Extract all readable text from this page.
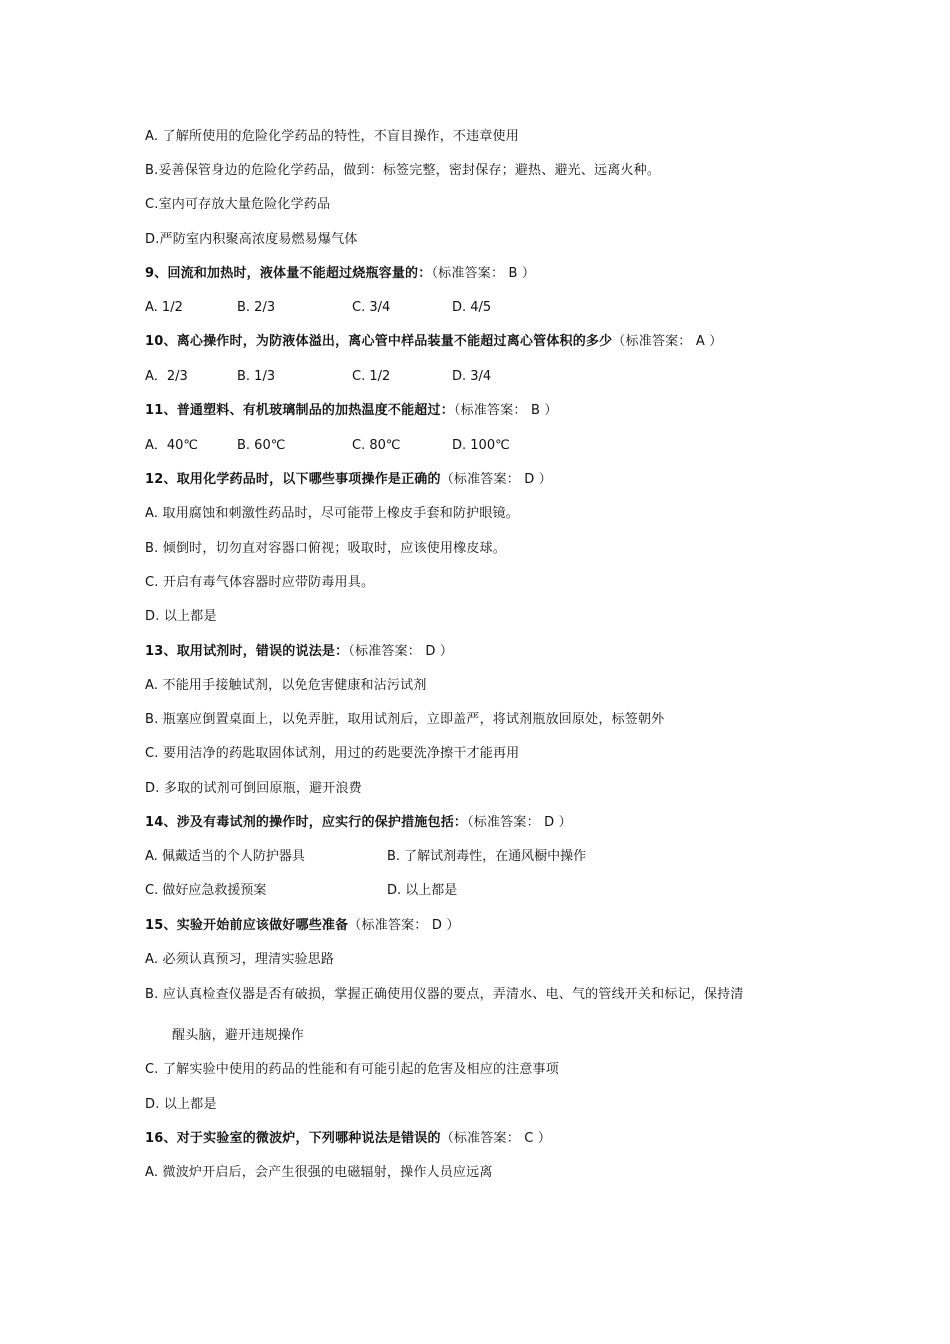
A. 了解所使用的危险化学药品的特性，不盲目操作，不违章使用
B.妥善保管身边的危险化学药品，做到：标签完整，密封保存；避热、避光、远离火种。
C.室内可存放大量危险化学药品
D.严防室内积聚高浓度易燃易爆气体
9、回流和加热时，液体量不能超过烧瓶容量的：（标准答案： B ）
A. 1/2	B. 2/3	C. 3/4	D. 4/5
10、离心操作时，为防液体溢出，离心管中样品装量不能超过离心管体积的多少（标准答案： A ）
A．2/3	B. 1/3	C. 1/2	D. 3/4
11、普通塑料、有机玻璃制品的加热温度不能超过：（标准答案： B ）
A．40℃	B. 60℃	C. 80℃	D. 100℃
12、取用化学药品时，以下哪些事项操作是正确的（标准答案： D ）
A. 取用腐蚀和刺激性药品时，尽可能带上橡皮手套和防护眼镜。
B. 倾倒时，切勿直对容器口俯视；吸取时，应该使用橡皮球。
C. 开启有毒气体容器时应带防毒用具。
D. 以上都是
13、取用试剂时，错误的说法是：（标准答案： D ）
A. 不能用手接触试剂，以免危害健康和沾污试剂
B. 瓶塞应倒置桌面上，以免弄脏，取用试剂后，立即盖严，将试剂瓶放回原处，标签朝外
C. 要用洁净的药匙取固体试剂，用过的药匙要洗净擦干才能再用
D. 多取的试剂可倒回原瓶，避开浪费
14、涉及有毒试剂的操作时，应实行的保护措施包括：（标准答案： D ）
A. 佩戴适当的个人防护器具	B. 了解试剂毒性，在通风橱中操作
C. 做好应急救援预案	D. 以上都是
15、实验开始前应该做好哪些准备（标准答案： D ）
A. 必须认真预习，理清实验思路
B. 应认真检查仪器是否有破损，掌握正确使用仪器的要点，弄清水、电、气的管线开关和标记，保持清
醒头脑，避开违规操作
C. 了解实验中使用的药品的性能和有可能引起的危害及相应的注意事项
D. 以上都是
16、对于实验室的微波炉，下列哪种说法是错误的（标准答案： C ）
A. 微波炉开启后，会产生很强的电磁辐射，操作人员应远离
